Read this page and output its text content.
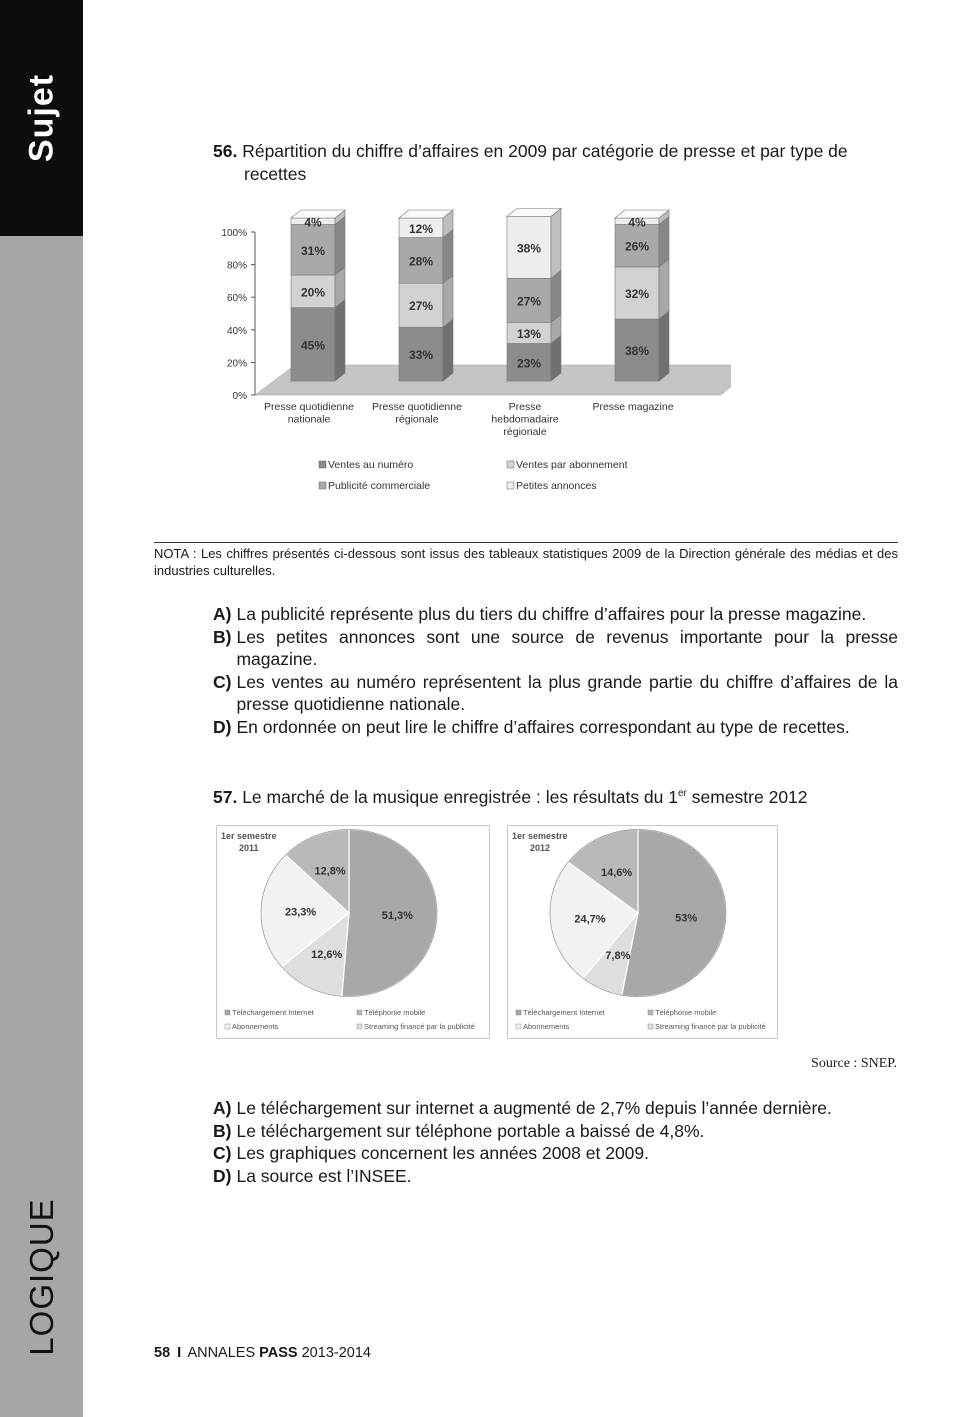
Sujet
LOGIQUE
56. Répartition du chiffre d’affaires en 2009 par catégorie de presse et par type de
recettes
0%
20%
40%
60%
80%
100%
45%
20%
31%
4%
Presse quotidienne
nationale
33%
27%
28%
12%
Presse quotidienne
régionale
23%
13%
27%
38%
Presse
hebdomadaire
régionale
38%
32%
26%
4%
Presse magazine
Ventes au numéro	Ventes par abonnement
Publicité commerciale	Petites annonces
NOTA : Les chiffres présentés ci-dessous sont issus des tableaux statistiques 2009 de la Direction générale des médias et des industries culturelles.
A) La publicité représente plus du tiers du chiffre d’affaires pour la presse magazine.
B) Les petites annonces sont une source de revenus importante pour la presse magazine.
C) Les ventes au numéro représentent la plus grande partie du chiffre d’affaires de la presse quotidienne nationale.
D) En ordonnée on peut lire le chiffre d’affaires correspondant au type de recettes.
57. Le marché de la musique enregistrée : les résultats du 1er semestre 2012
1er semestre
2011
51,3%
12,6%
23,3%
12,8%
Téléchargement Internet	Téléphonie mobile
Abonnements	Streaming financé par la publicité
1er semestre
2012
53%
7,8%
24,7%
14,6%
Téléchargement Internet	Téléphonie mobile
Abonnements	Streaming financé par la publicité
Source : SNEP.
A) Le téléchargement sur internet a augmenté de 2,7% depuis l’année dernière.
B) Le téléchargement sur téléphone portable a baissé de 4,8%.
C) Les graphiques concernent les années 2008 et 2009.
D) La source est l’INSEE.
58 I ANNALES PASS 2013-2014
